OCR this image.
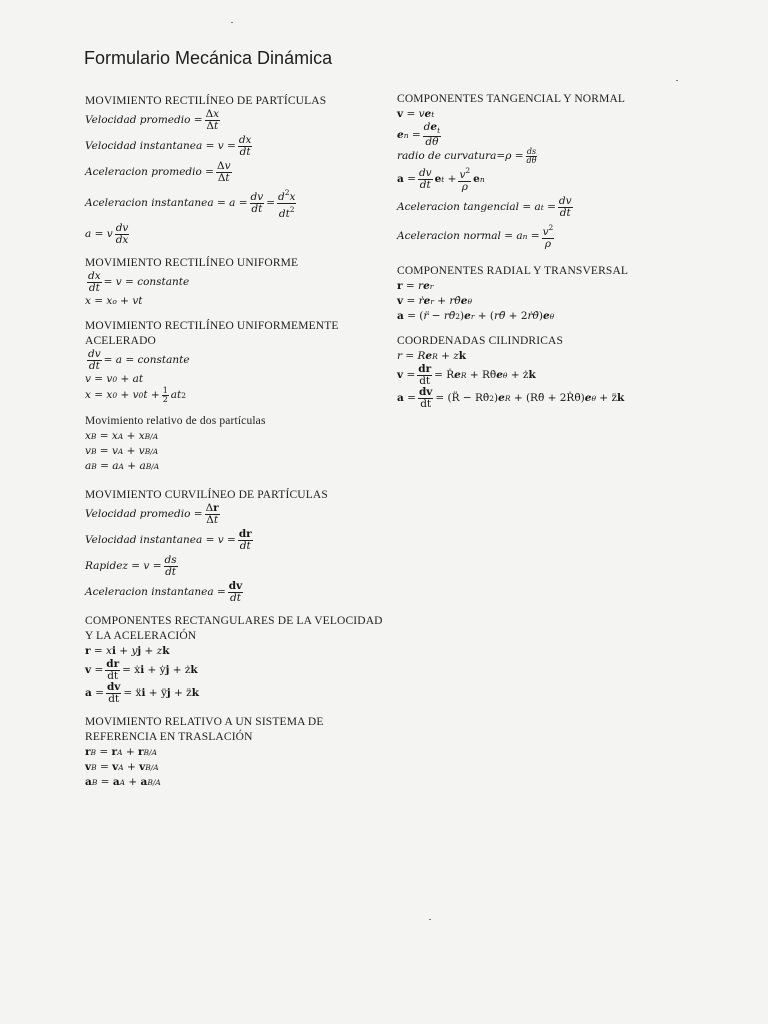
Formulario Mecánica Dinámica
MOVIMIENTO RECTILÍNEO DE PARTÍCULAS
Velocidad promedio = $\frac{\Delta x}{\Delta t}$
Velocidad instantanea = $v = \frac{dx}{dt}$
Aceleracion promedio = $\frac{\Delta v}{\Delta t}$
Aceleracion instantanea = $a = \frac{dv}{dt} = \frac{d^2x}{dt^2}$
a = v $\frac{dv}{dx}$
MOVIMIENTO RECTILÍNEO UNIFORME
$\frac{dx}{dt} = v$ = constante
x = x o + vt
MOVIMIENTO RECTILÍNEO UNIFORMEMENTE ACELERADO
$\frac{dv}{dt} = a$ = constante
v = v 0 + at
x = x 0 + v 0 $t + \frac{1}{2}$ at 2
Movimiento relativo de dos partículas
x B = x A + x B/A
v B = v A + v B/A
a B = a A + a B/A
MOVIMIENTO CURVILÍNEO DE PARTÍCULAS
Velocidad promedio = $\frac{\Delta r}{\Delta t}$
Velocidad instantanea = $v = \frac{dr}{dt}$
Rapidez = $v = \frac{ds}{dt}$
Aceleracion instantanea = $\frac{dv}{dt}$
COMPONENTES RECTANGULARES DE LA VELOCIDAD Y LA ACELERACIÓN
r = x i + y j + z k
$v = \frac{dr}{dt}$ = ẋ i + ẏ j + ż k
$a = \frac{dv}{dt}$ = ẍ i + ÿ j + z̈ k
MOVIMIENTO RELATIVO A UN SISTEMA DE REFERENCIA EN TRASLACIÓN
r B = r A + r B/A
v B = v A + v B/A
a B = a A + a B/A
COMPONENTES TANGENCIAL Y NORMAL
v = v e t
e $n = \frac{de_t}{d\theta}$
radio de curvatura=ρ = $\frac{ds}{d\theta}$
$a = \frac{dv}{dt}$ e $t + \frac{v^2}{\rho}$ e n
Aceleracion tangencial = a $t = \frac{dv}{dt}$
Aceleracion normal = a $n = \frac{v^2}{\rho}$
COMPONENTES RADIAL Y TRANSVERSAL
r = r e r
v = ṙ e r + r θ̇ e θ
a = ( r̈ − rθ̇ 2 ) e r + ( rθ̈ + 2 ṙθ̇ ) e θ
COORDENADAS CILINDRICAS
r = R e R + z k
$v = \frac{dr}{dt}$ = Ṙ e R + Rθ̇ e θ + ż k
$a = \frac{dv}{dt}$ = (R̈ − Rθ̇ 2 ) e R + (Rθ̈ + 2Ṙθ̇) e θ + z̈ k
